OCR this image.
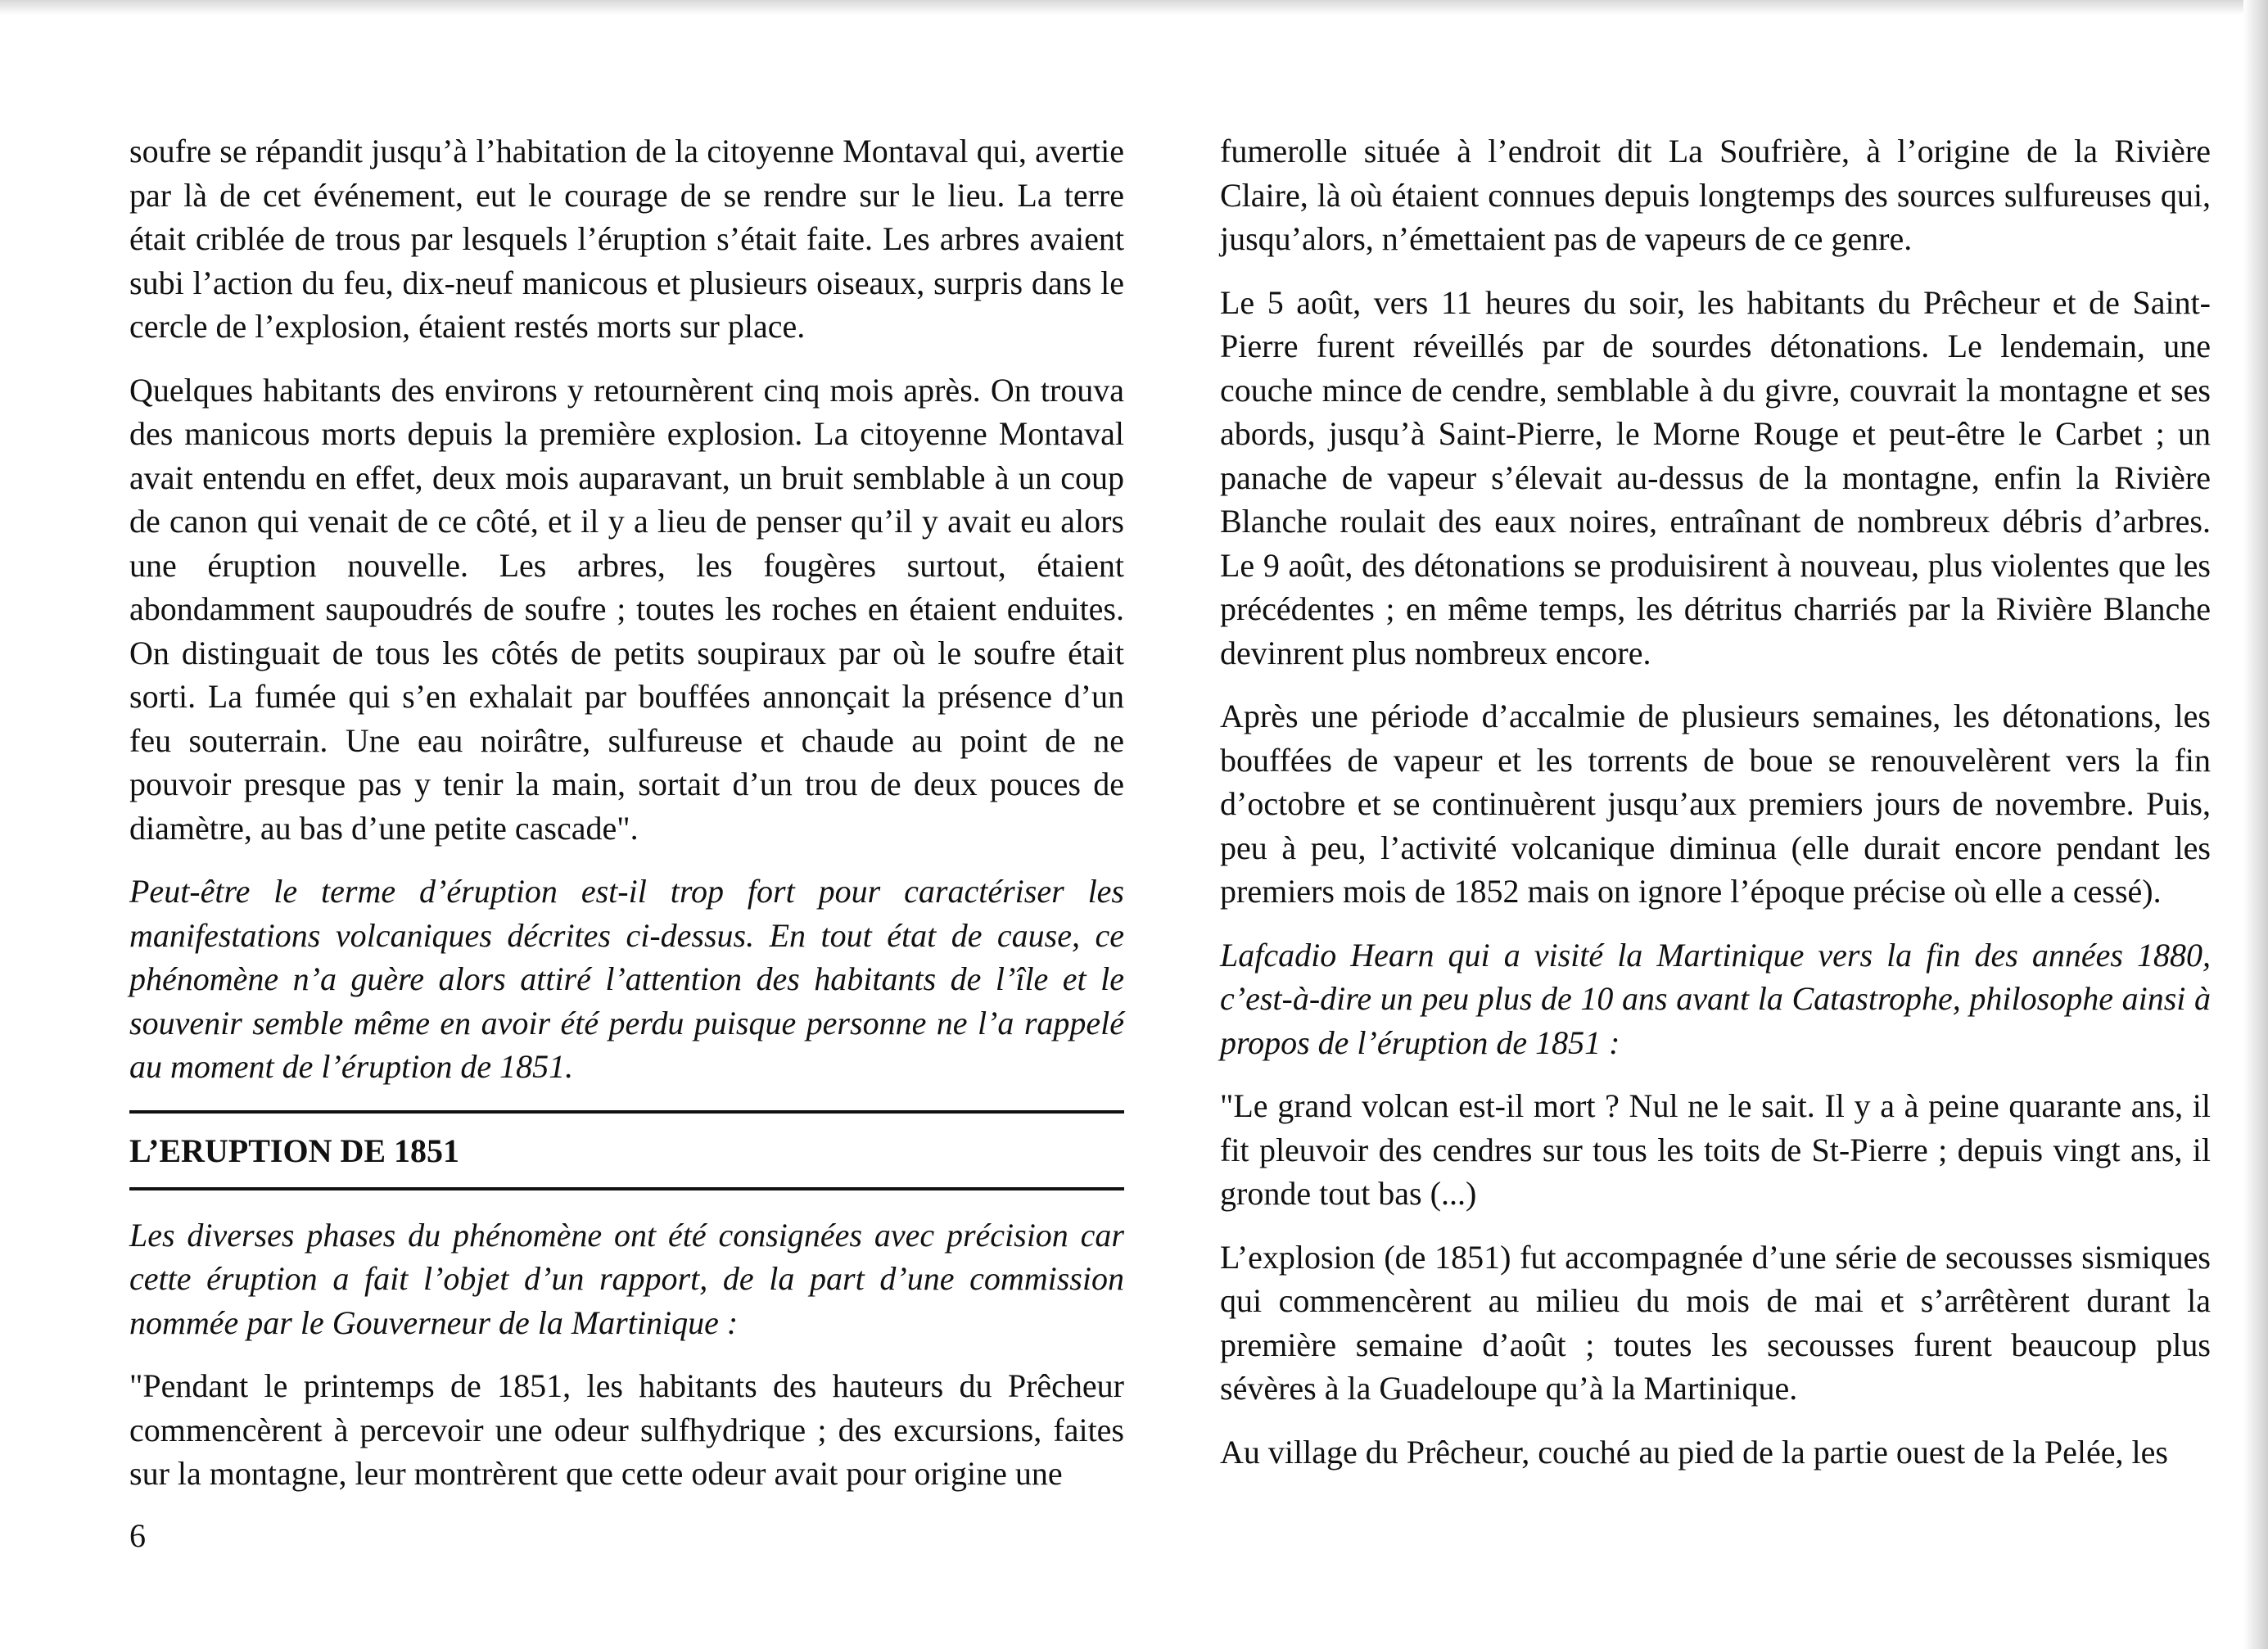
soufre se répandit jusqu’à l’habitation de la citoyenne Montaval qui, avertie par là de cet événement, eut le courage de se rendre sur le lieu. La terre était criblée de trous par lesquels l’éruption s’était faite. Les arbres avaient subi l’action du feu, dix-neuf manicous et plusieurs oiseaux, surpris dans le cercle de l’explosion, étaient restés morts sur place.

Quelques habitants des environs y retournèrent cinq mois après. On trouva des manicous morts depuis la première explosion. La citoyenne Montaval avait entendu en effet, deux mois auparavant, un bruit semblable à un coup de canon qui venait de ce côté, et il y a lieu de penser qu’il y avait eu alors une éruption nouvelle. Les arbres, les fougères surtout, étaient abondamment saupoudrés de soufre ; toutes les roches en étaient enduites. On distinguait de tous les côtés de petits soupiraux par où le soufre était sorti. La fumée qui s’en exhalait par bouffées annonçait la présence d’un feu souterrain. Une eau noirâtre, sulfureuse et chaude au point de ne pouvoir presque pas y tenir la main, sortait d’un trou de deux pouces de diamètre, au bas d’une petite cascade".

Peut-être le terme d’éruption est-il trop fort pour caractériser les manifestations volcaniques décrites ci-dessus. En tout état de cause, ce phénomène n’a guère alors attiré l’attention des habitants de l’île et le souvenir semble même en avoir été perdu puisque personne ne l’a rappelé au moment de l’éruption de 1851.

L’ERUPTION DE 1851

Les diverses phases du phénomène ont été consignées avec précision car cette éruption a fait l’objet d’un rapport, de la part d’une commission nommée par le Gouverneur de la Martinique :

"Pendant le printemps de 1851, les habitants des hauteurs du Prêcheur commencèrent à percevoir une odeur sulfhydrique ; des excursions, faites sur la montagne, leur montrèrent que cette odeur avait pour origine une

fumerolle située à l’endroit dit La Soufrière, à l’origine de la Rivière Claire, là où étaient connues depuis longtemps des sources sulfureuses qui, jusqu’alors, n’émettaient pas de vapeurs de ce genre.

Le 5 août, vers 11 heures du soir, les habitants du Prêcheur et de Saint-Pierre furent réveillés par de sourdes détonations. Le lendemain, une couche mince de cendre, semblable à du givre, couvrait la montagne et ses abords, jusqu’à Saint-Pierre, le Morne Rouge et peut-être le Carbet ; un panache de vapeur s’élevait au-dessus de la montagne, enfin la Rivière Blanche roulait des eaux noires, entraînant de nombreux débris d’arbres. Le 9 août, des détonations se produisirent à nouveau, plus violentes que les précédentes ; en même temps, les détritus charriés par la Rivière Blanche devinrent plus nombreux encore.

Après une période d’accalmie de plusieurs semaines, les détonations, les bouffées de vapeur et les torrents de boue se renouvelèrent vers la fin d’octobre et se continuèrent jusqu’aux premiers jours de novembre. Puis, peu à peu, l’activité volcanique diminua (elle durait encore pendant les premiers mois de 1852 mais on ignore l’époque précise où elle a cessé).

Lafcadio Hearn qui a visité la Martinique vers la fin des années 1880, c’est-à-dire un peu plus de 10 ans avant la Catastrophe, philosophe ainsi à propos de l’éruption de 1851 :

"Le grand volcan est-il mort ? Nul ne le sait. Il y a à peine quarante ans, il fit pleuvoir des cendres sur tous les toits de St-Pierre ; depuis vingt ans, il gronde tout bas (...)

L’explosion (de 1851) fut accompagnée d’une série de secousses sismiques qui commencèrent au milieu du mois de mai et s’arrêtèrent durant la première semaine d’août ; toutes les secousses furent beaucoup plus sévères à la Guadeloupe qu’à la Martinique.

Au village du Prêcheur, couché au pied de la partie ouest de la Pelée, les

6
